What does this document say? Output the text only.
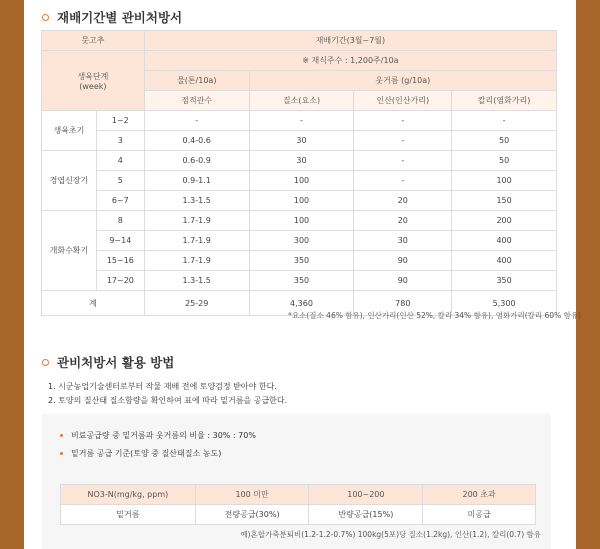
재배기간별 관비처방서
뭇고추		재배기간(3월~7월)			

생육단계
(week)		※ 재식주수 : 1,200주/10a			
		물(톤/10a)	웃거름 (g/10a)		
		점적관수	질소(요소)	인산(인산가리)	칼리(염화가리)
생육초기	1~2	-	-	-	-
	3	0.4-0.6	30	-	50
경엽신장기	4	0.6-0.9	30	-	50
	5	0.9-1.1	100	-	100
	6~7	1.3-1.5	100	20	150
개화수확기	8	1.7-1.9	100	20	200
	9~14	1.7-1.9	300	30	400
	15~16	1.7-1.9	350	90	400
	17~20	1.3-1.5	350	90	350
계		25-29	4,360	780	5,300
*요소(질소 46% 함유), 인산가리(인산 52%, 칼리 34% 함유), 염화가리(칼리 60% 함유)
관비처방서 활용 방법
1. 시군농업기술센터로부터 작물 재배 전에 토양검정 받아야 한다.
2. 토양의 질산태 질소함량을 확인하여 표에 따라 밑거름을 공급한다.
비료공급량 중 밑거름과 웃거름의 비율 : 30% : 70%
밑거름 공급 기준(토양 중 질산태질소 농도)
NO3-N(mg/kg, ppm)	100 미만	100~200	200 초과
밑거름	전량공급(30%)	반량공급(15%)	미공급
예)혼합가축분퇴비(1.2-1.2-0.7%) 100kg(5포)당 질소(1.2kg), 인산(1.2), 칼리(0.7) 함유
